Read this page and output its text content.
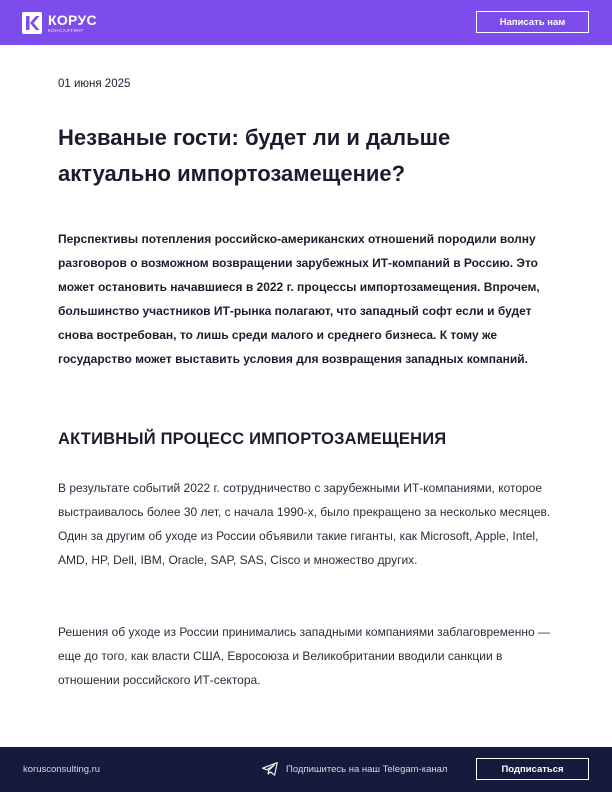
КОРУС
КОНСАЛТИНГ
Написать нам
01 июня 2025
Незваные гости: будет ли и дальше актуально импортозамещение?

Перспективы потепления российско-американских отношений породили волну разговоров о возможном возвращении зарубежных ИТ-компаний в Россию. Это может остановить начавшиеся в 2022 г. процессы импортозамещения. Впрочем, большинство участников ИТ-рынка полагают, что западный софт если и будет снова востребован, то лишь среди малого и среднего бизнеса. К тому же государство может выставить условия для возвращения западных компаний.

АКТИВНЫЙ ПРОЦЕСС ИМПОРТОЗАМЕЩЕНИЯ

В результате событий 2022 г. сотрудничество с зарубежными ИТ-компаниями, которое выстраивалось более 30 лет, с начала 1990-х, было прекращено за несколько месяцев. Один за другим об уходе из России объявили такие гиганты, как Microsoft, Apple, Intel, AMD, HP, Dell, IBM, Oracle, SAP, SAS, Cisco и множество других.

Решения об уходе из России принимались западными компаниями заблаговременно — еще до того, как власти США, Евросоюза и Великобритании вводили санкции в отношении российского ИТ-сектора.

korusconsulting.ru	Подпишитесь на наш Telegam-канал	Подписаться
